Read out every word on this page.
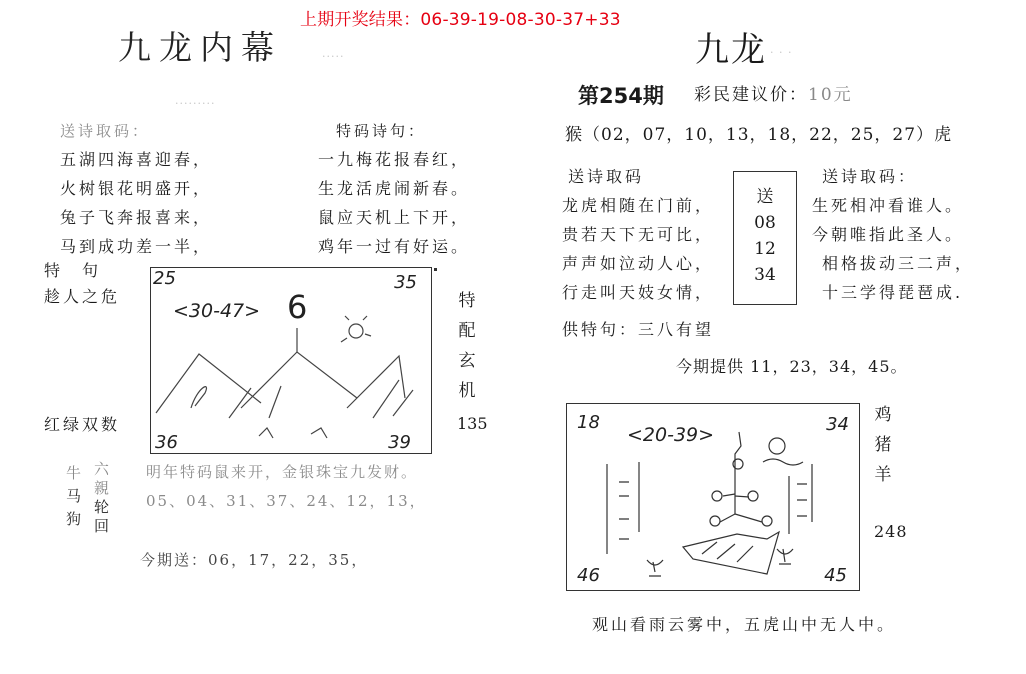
上期开奖结果：06-39-19-08-30-37+33
九龙内幕	·····
·········
送诗取码：
五湖四海喜迎春，
火树银花明盛开，
兔子飞奔报喜来，
马到成功差一半，
特码诗句：
一九梅花报春红，
生龙活虎闹新春。
鼠应天机上下开，
鸡年一过有好运。
特　句
趁人之危
红绿双数
25	35
36	39
<30-47> 6	特
配
玄
机
135
牛
马
狗
六
親
轮
回
明年特码鼠来开，金银珠宝九发财。
05、04、31、37、24、12，13，
今期送：06，17，22，35，
九龙 · · ·
第254期 彩民建议价：10元
猴（02，07，10，13，18，22，25，27）虎
送诗取码
龙虎相随在门前，
贵若天下无可比，
声声如泣动人心，
行走叫天妓女情，
送
08
12
34
送诗取码：
生死相冲看谁人。
今朝唯指此圣人。
相格拔动三二声，
十三学得琵琶成.
供特句：三八有望
今期提供 11，23，34，45。
18	34
46	45
<20-39>
鸡
猪
羊
248
观山看雨云雾中，五虎山中无人中。
